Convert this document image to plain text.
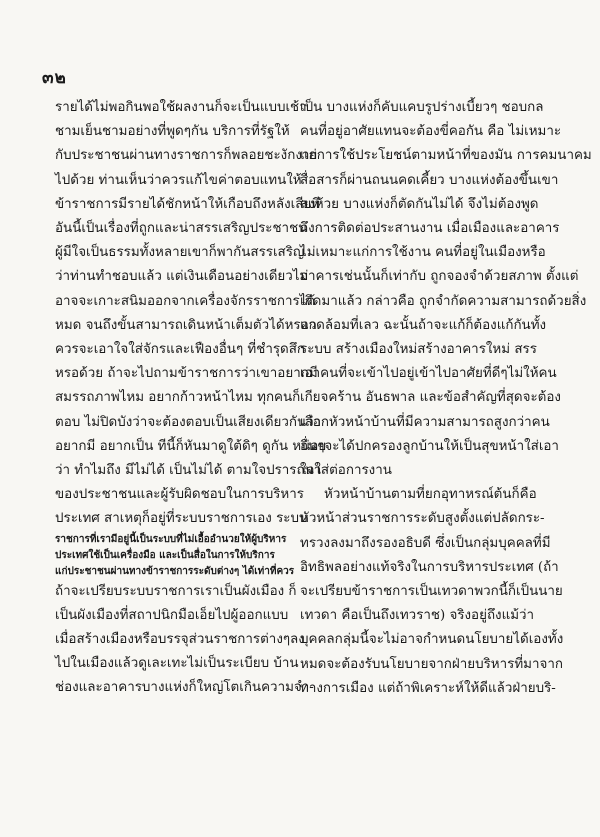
๓๒
รายได้ไม่พอกินพอใช้ผลงานก็จะเป็นแบบเช้า
ชามเย็นชามอย่างที่พูดๆกัน บริการที่รัฐให้
กับประชาชนผ่านทางราชการก็พลอยชะงักงาย
ไปด้วย ท่านเห็นว่าควรแก้ไขค่าตอบแทนให้
ข้าราชการมีรายได้ชักหน้าให้เกือบถึงหลังเสียที
อันนี้เป็นเรื่องที่ถูกและน่าสรรเสริญประชาชน
ผู้มีใจเป็นธรรมทั้งหลายเขาก็พากันสรรเสริญ
ว่าท่านทำชอบแล้ว แต่เงินเดือนอย่างเดียวไม่
อาจจะเกาะสนิมออกจากเครื่องจักรราชการได้
หมด จนถึงขั้นสามารถเดินหน้าเต็มตัวได้หรอก
ควรจะเอาใจใส่จักรและเฟืองอื่นๆ ที่ชำรุดสึก
หรอด้วย ถ้าจะไปถามข้าราชการว่าเขาอยากมี
สมรรถภาพไหม อยากก้าวหน้าไหม ทุกคนก็
ตอบ ไม่ปิดบังว่าจะต้องตอบเป็นเสียงเดียวกันว่า
อยากมี อยากเป็น ทีนี้ก็หันมาดูใต้ดิๆ ดูกัน หน่อย
ว่า ทำไมถึง มีไม่ได้ เป็นไม่ได้ ตามใจปรารถนา
ของประชาชนและผู้รับผิดชอบในการบริหาร
ประเทศ สาเหตุก็อยู่ที่ระบบราชการเอง ระบบ
ราชการที่เรามีอยู่นี้เป็นระบบที่ไม่เอื้ออำนวยให้ผู้บริหาร
ประเทศใช้เป็นเครื่องมือ และเป็นสื่อในการให้บริการ
แก่ประชาชนผ่านทางข้าราชการระดับต่างๆ ได้เท่าที่ควร
ถ้าจะเปรียบระบบราชการเราเป็นผังเมือง ก็
เป็นผังเมืองที่สถาปนิกมือเอ็ยไปผู้ออกแบบ
เมื่อสร้างเมืองหรือบรรจุส่วนราชการต่างๆลง
ไปในเมืองแล้วดูเละเทะไม่เป็นระเบียบ บ้าน
ช่องและอาคารบางแห่งก็ใหญ่โตเกินความจำ-
เป็น บางแห่งก็คับแคบรูปร่างเบี้ยวๆ ชอบกล
คนที่อยู่อาศัยแทนจะต้องขี่คอกัน คือ ไม่เหมาะ
แก่การใช้ประโยชน์ตามหน้าที่ของมัน การคมนาคม
สื่อสารก็ผ่านถนนคดเคี้ยว บางแห่งต้องขึ้นเขา
ลงห้วย บางแห่งก็ตัดกันไม่ได้ จึงไม่ต้องพูด
ถึงการติดต่อประสานงาน เมื่อเมืองและอาคาร
ไม่เหมาะแก่การใช้งาน คนที่อยู่ในเมืองหรือ
อาคารเช่นนั้นก็เท่ากับ ถูกจองจำด้วยสภาพ ตั้งแต่
เกิดมาแล้ว กล่าวคือ ถูกจำกัดความสามารถด้วยสิ่ง
แวดล้อมที่เลว ฉะนั้นถ้าจะแก้ก็ต้องแก้กันทั้ง
ระบบ สร้างเมืองใหม่สร้างอาคารใหม่ สรร
เอาคนที่จะเข้าไปอยู่เข้าไปอาศัยที่ดีๆไม่ให้คน
เกียจคร้าน อันธพาล และข้อสำคัญที่สุดจะต้อง
เลือกหัวหน้าบ้านที่มีความสามารถสูงกว่าคน
อื่นๆจะได้ปกครองลูกบ้านให้เป็นสุขหน้าใส่เอา
ใจใส่ต่อการงาน
หัวหน้าบ้านตามที่ยกอุทาหรณ์ต้นก็คือ
หัวหน้าส่วนราชการระดับสูงตั้งแต่ปลัดกระ-
ทรวงลงมาถึงรองอธิบดี ซึ่งเป็นกลุ่มบุคคลที่มี
อิทธิพลอย่างแท้จริงในการบริหารประเทศ (ถ้า
จะเปรียบข้าราชการเป็นเทวดาพวกนี้ก็เป็นนาย
เทวดา คือเป็นถึงเทวราช) จริงอยู่ถึงแม้ว่า
บุคคลกลุ่มนี้จะไม่อาจกำหนดนโยบายได้เองทั้ง
หมดจะต้องรับนโยบายจากฝ่ายบริหารที่มาจาก
ทางการเมือง แต่ถ้าพิเคราะห์ให้ดีแล้วฝ่ายบริ-
